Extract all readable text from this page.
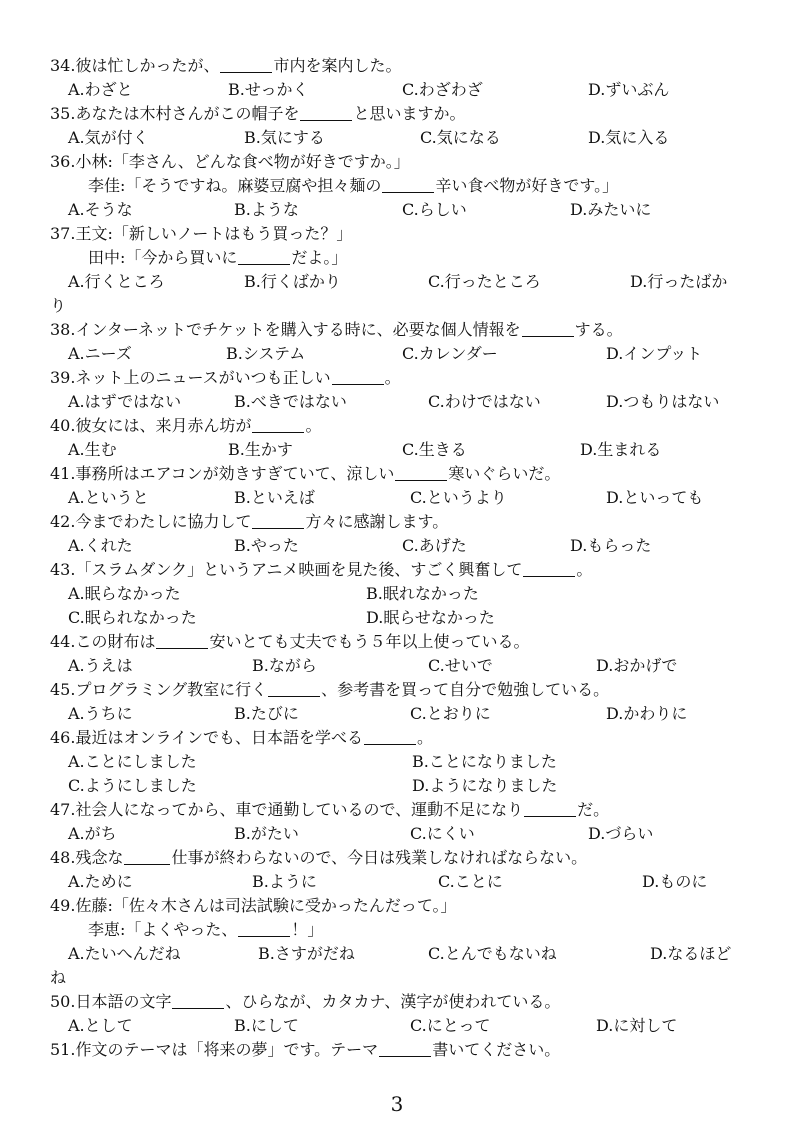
34.彼は忙しかったが、	市内を案内した。
A.わざと	B.せっかく	C.わざわざ	D.ずいぶん
35.あなたは木村さんがこの帽子を	と思いますか。
A.気が付く	B.気にする	C.気になる	D.気に入る
36.小林:「李さん、どんな食べ物が好きですか。」
李佳:「そうですね。麻婆豆腐や担々麺の	辛い食べ物が好きです。」
A.そうな	B.ような	C.らしい	D.みたいに
37.王文:「新しいノートはもう買った？」
田中:「今から買いに	だよ。」
A.行くところ	B.行くばかり	C.行ったところ	D.行ったばか
り
38.インターネットでチケットを購入する時に、必要な個人情報を	する。
A.ニーズ	B.システム	C.カレンダー	D.インプット
39.ネット上のニュースがいつも正しい	。
A.はずではない	B.べきではない	C.わけではない	D.つもりはない
40.彼女には、来月赤ん坊が	。
A.生む	B.生かす	C.生きる	D.生まれる
41.事務所はエアコンが効きすぎていて、涼しい	寒いぐらいだ。
A.というと	B.といえば	C.というより	D.といっても
42.今までわたしに協力して	方々に感謝します。
A.くれた	B.やった	C.あげた	D.もらった
43.「スラムダンク」というアニメ映画を見た後、すごく興奮して	。
A.眠らなかった	B.眠れなかった
C.眠られなかった	D.眠らせなかった
44.この財布は	安いとても丈夫でもう５年以上使っている。
A.うえは	B.ながら	C.せいで	D.おかげで
45.プログラミング教室に行く	、参考書を買って自分で勉強している。
A.うちに	B.たびに	C.とおりに	D.かわりに
46.最近はオンラインでも、日本語を学べる	。
A.ことにしました	B.ことになりました
C.ようにしました	D.ようになりました
47.社会人になってから、車で通勤しているので、運動不足になり	だ。
A.がち	B.がたい	C.にくい	D.づらい
48.残念な	仕事が終わらないので、今日は残業しなければならない。
A.ために	B.ように	C.ことに	D.ものに
49.佐藤:「佐々木さんは司法試験に受かったんだって。」
李恵:「よくやった、	！」
A.たいへんだね	B.さすがだね	C.とんでもないね	D.なるほど
ね
50.日本語の文字	、ひらなが、カタカナ、漢字が使われている。
A.として	B.にして	C.にとって	D.に対して
51.作文のテーマは「将来の夢」です。テーマ	書いてください。
3
